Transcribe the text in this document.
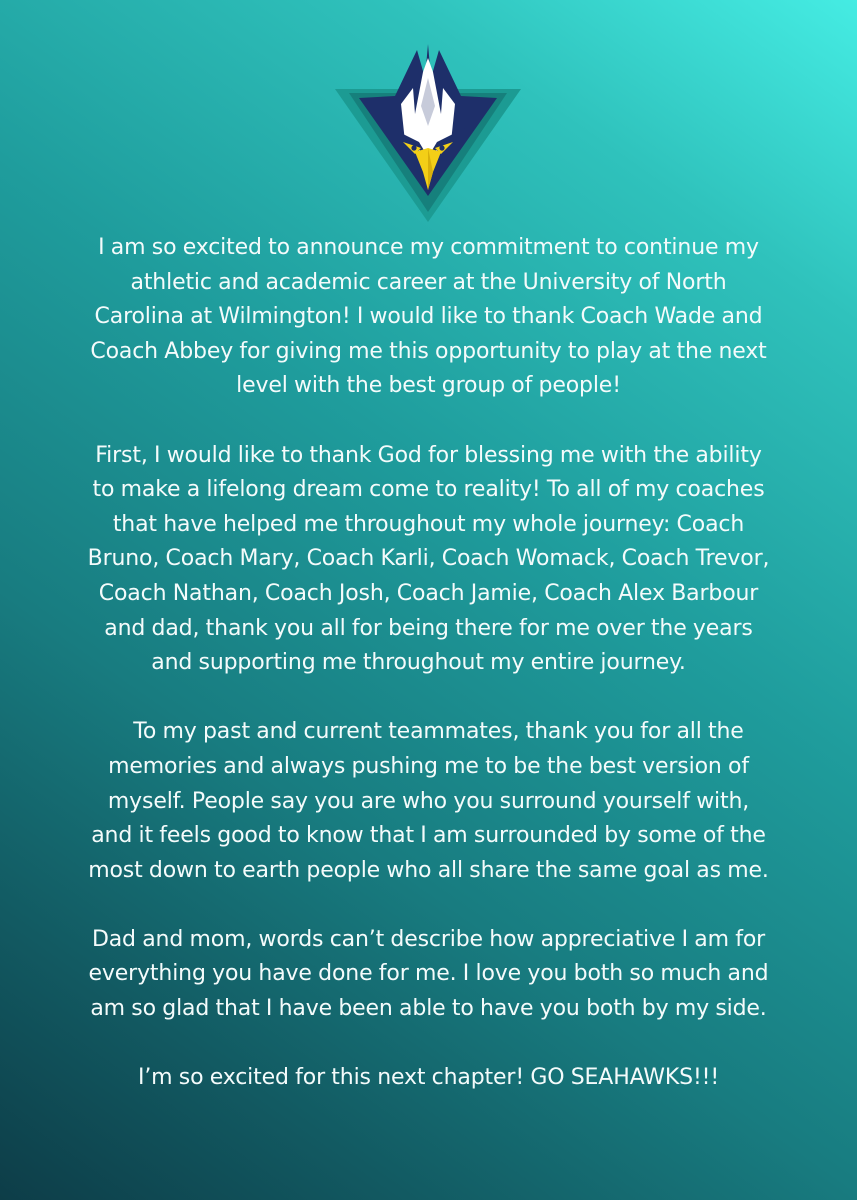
I am so excited to announce my commitment to continue my
athletic and academic career at the University of North
Carolina at Wilmington! I would like to thank Coach Wade and
Coach Abbey for giving me this opportunity to play at the next
level with the best group of people!

First, I would like to thank God for blessing me with the ability
to make a lifelong dream come to reality! To all of my coaches
that have helped me throughout my whole journey: Coach
Bruno, Coach Mary, Coach Karli, Coach Womack, Coach Trevor,
Coach Nathan, Coach Josh, Coach Jamie, Coach Alex Barbour
and dad, thank you all for being there for me over the years
and supporting me throughout my entire journey.

To my past and current teammates, thank you for all the
memories and always pushing me to be the best version of
myself. People say you are who you surround yourself with,
and it feels good to know that I am surrounded by some of the
most down to earth people who all share the same goal as me.

Dad and mom, words can’t describe how appreciative I am for
everything you have done for me. I love you both so much and
am so glad that I have been able to have you both by my side.

I’m so excited for this next chapter! GO SEAHAWKS!!!
